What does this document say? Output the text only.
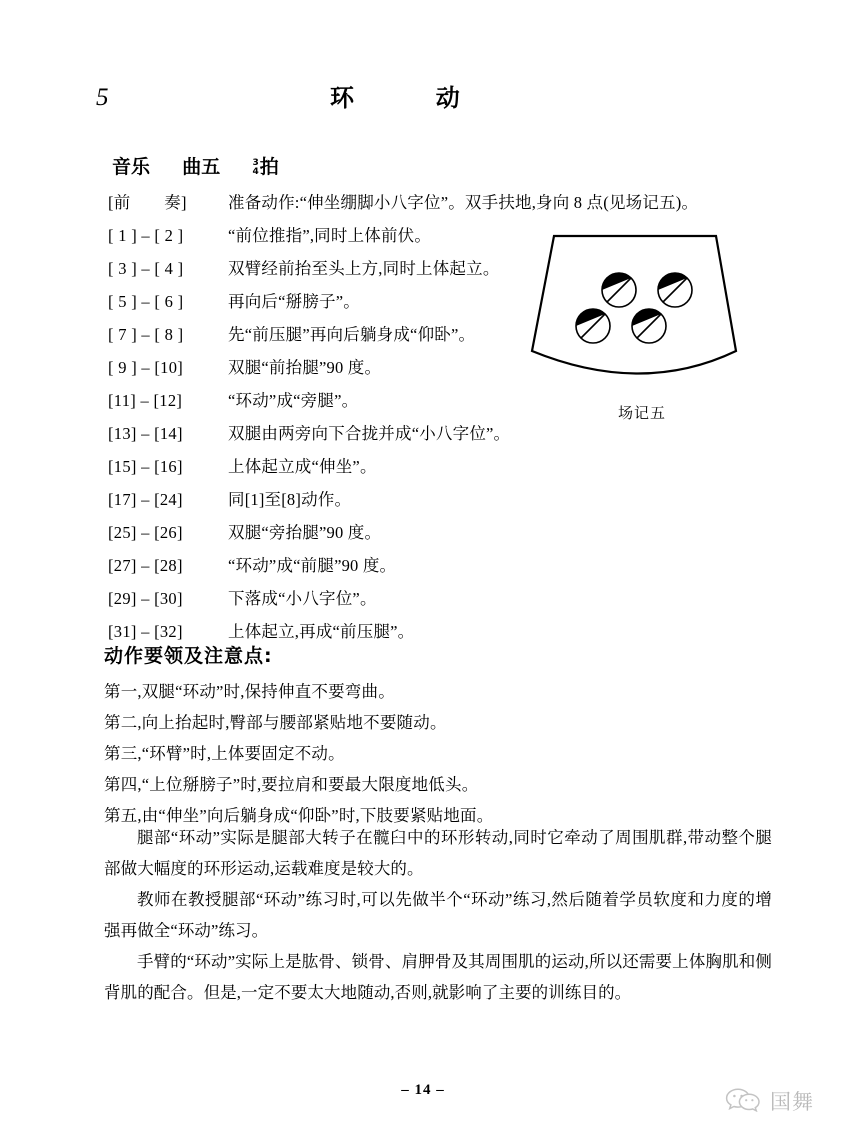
5	环	动
音乐 曲五	3
4 拍
[前　　奏] 准备动作:“伸坐绷脚小八字位”。双手扶地,身向 8 点(见场记五)。
[ 1 ] – [ 2 ]	“前位推指”,同时上体前伏。
[ 3 ] – [ 4 ]	双臂经前抬至头上方,同时上体起立。
[ 5 ] – [ 6 ]	再向后“掰膀子”。
[ 7 ] – [ 8 ]	先“前压腿”再向后躺身成“仰卧”。
[ 9 ] – [10]	双腿“前抬腿”90 度。
[11] – [12]	“环动”成“旁腿”。
[13] – [14]	双腿由两旁向下合拢并成“小八字位”。
[15] – [16]	上体起立成“伸坐”。
[17] – [24]	同[1]至[8]动作。
[25] – [26]	双腿“旁抬腿”90 度。
[27] – [28]	“环动”成“前腿”90 度。
[29] – [30]	下落成“小八字位”。
[31] – [32]	上体起立,再成“前压腿”。
场记五
动作要领及注意点:
第一,双腿“环动”时,保持伸直不要弯曲。
第二,向上抬起时,臀部与腰部紧贴地不要随动。
第三,“环臂”时,上体要固定不动。
第四,“上位掰膀子”时,要拉肩和要最大限度地低头。
第五,由“伸坐”向后躺身成“仰卧”时,下肢要紧贴地面。

腿部“环动”实际是腿部大转子在髋臼中的环形转动,同时它牵动了周围肌群,带动整个腿部做大幅度的环形运动,运载难度是较大的。

教师在教授腿部“环动”练习时,可以先做半个“环动”练习,然后随着学员软度和力度的增强再做全“环动”练习。

手臂的“环动”实际上是肱骨、锁骨、肩胛骨及其周围肌的运动,所以还需要上体胸肌和侧背肌的配合。但是,一定不要太大地随动,否则,就影响了主要的训练目的。

– 14 –	国舞
